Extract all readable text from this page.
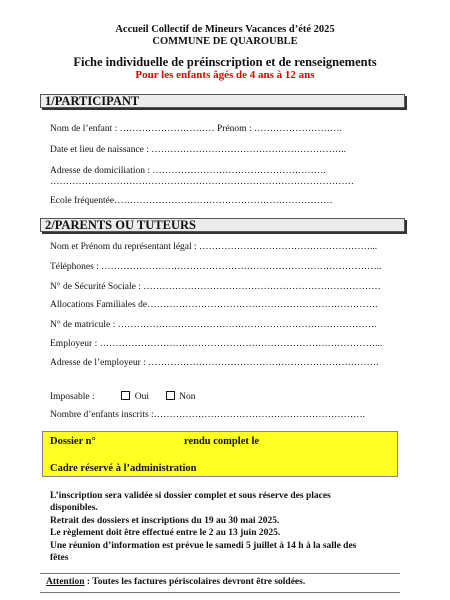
Accueil Collectif de Mineurs Vacances d’été 2025
COMMUNE DE QUAROUBLE
Fiche individuelle de préinscription et de renseignements
Pour les enfants âgés de 4 ans à 12 ans
1/PARTICIPANT
Nom de l’enfant : ………………………… Prénom : ……………………….
Date et lieu de naissance : ……………………………………………………..
Adresse de domiciliation : ……………………………………………….
……………………………………………………………………………………
Ecole fréquentée……………………………………………………………
2/PARENTS OU TUTEURS
Nom et Prénom du représentant légal : ………………………………………………...
Téléphones : ……………………………………………………………………………..
N° de Sécurité Sociale : …………………………………………………………………
Allocations Familiales de……………………………………………………………….
N° de matricule : ……………………………………………………………………….
Employeur : ……………………………………………………………………………...
Adresse de l’employeur : ……………………………………………………………….
Imposable :	Oui	Non
Nombre d’enfants inscrits :………………………………………………………….
Dossier n°	rendu complet le
Cadre réservé à l’administration
L’inscription sera validée si dossier complet et sous réserve des places
disponibles.
Retrait des dossiers et inscriptions du 19 au 30 mai 2025.
Le règlement doit être effectué entre le 2 au 13 juin 2025.
Une réunion d’information est prévue le samedi 5 juillet à 14 h à la salle des
fêtes
Attention : Toutes les factures périscolaires devront être soldées.
